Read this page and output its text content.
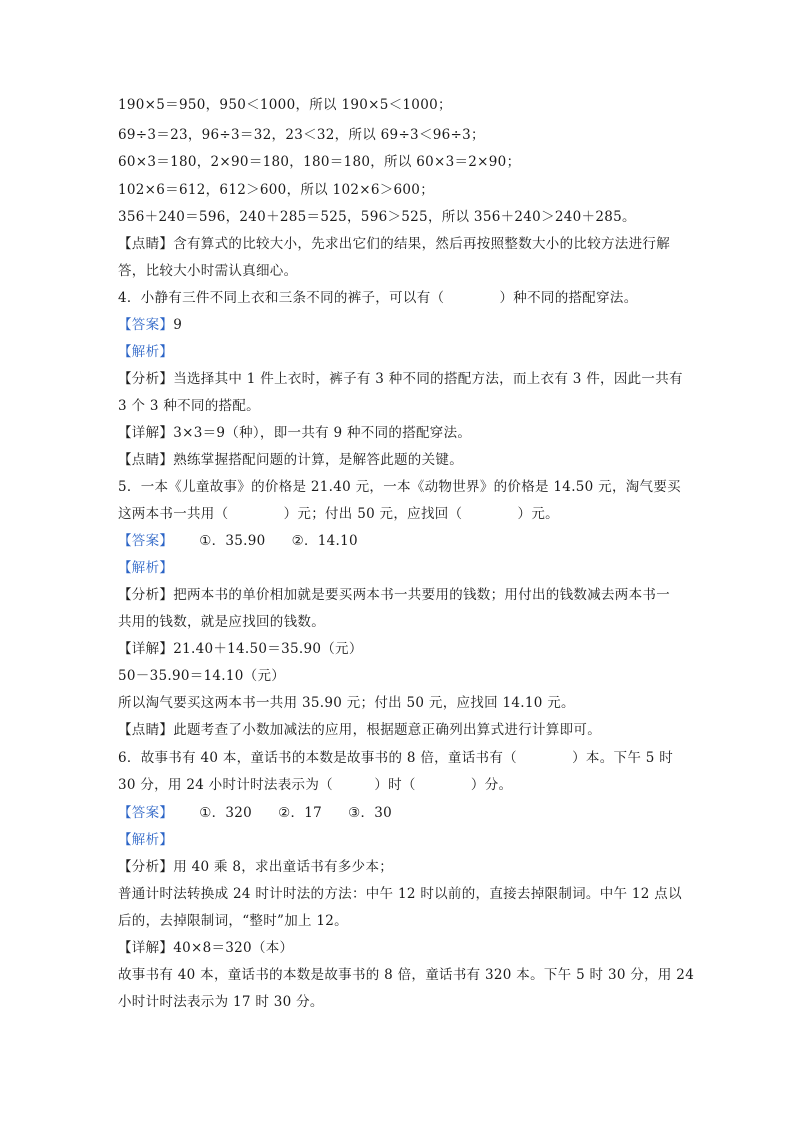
190×5＝950，950＜1000，所以 190×5＜1000；
69÷3＝23，96÷3＝32，23＜32，所以 69÷3＜96÷3；
60×3＝180，2×90＝180，180＝180，所以 60×3＝2×90；
102×6＝612，612＞600，所以 102×6＞600；
356＋240＝596，240＋285＝525，596＞525，所以 356＋240＞240＋285。
【点睛】含有算式的比较大小，先求出它们的结果，然后再按照整数大小的比较方法进行解
答，比较大小时需认真细心。
4．小静有三件不同上衣和三条不同的裤子，可以有（　　　　）种不同的搭配穿法。
【答案】9
【解析】
【分析】当选择其中 1 件上衣时，裤子有 3 种不同的搭配方法，而上衣有 3 件，因此一共有
3 个 3 种不同的搭配。
【详解】3×3＝9（种），即一共有 9 种不同的搭配穿法。
【点睛】熟练掌握搭配问题的计算，是解答此题的关键。
5．一本《儿童故事》的价格是 21.40 元，一本《动物世界》的价格是 14.50 元，淘气要买
这两本书一共用（　　　　）元；付出 50 元，应找回（　　　　）元。
【答案】 ①．35.90 ②．14.10
【解析】
【分析】把两本书的单价相加就是要买两本书一共要用的钱数；用付出的钱数减去两本书一
共用的钱数，就是应找回的钱数。
【详解】21.40＋14.50＝35.90（元）
50－35.90＝14.10（元）
所以淘气要买这两本书一共用 35.90 元；付出 50 元，应找回 14.10 元。
【点睛】此题考查了小数加减法的应用，根据题意正确列出算式进行计算即可。
6．故事书有 40 本，童话书的本数是故事书的 8 倍，童话书有（　　　　）本。下午 5 时
30 分，用 24 小时计时法表示为（　　　）时（　　　　）分。
【答案】 ①．320 ②．17 ③．30
【解析】
【分析】用 40 乘 8，求出童话书有多少本；
普通计时法转换成 24 时计时法的方法：中午 12 时以前的，直接去掉限制词。中午 12 点以
后的，去掉限制词，“整时”加上 12。
【详解】40×8＝320（本）
故事书有 40 本，童话书的本数是故事书的 8 倍，童话书有 320 本。下午 5 时 30 分，用 24
小时计时法表示为 17 时 30 分。
